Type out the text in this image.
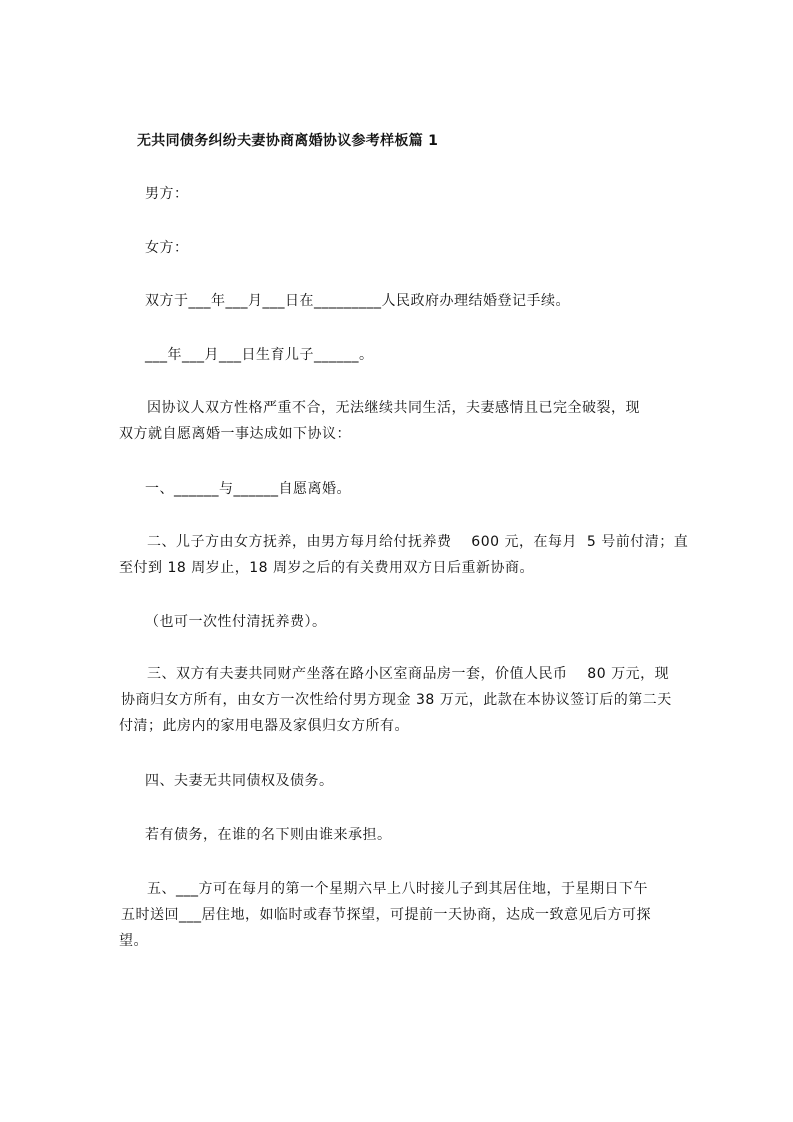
无共同债务纠纷夫妻协商离婚协议参考样板篇 1
男方：
女方：
双方于___年___月___日在_________人民政府办理结婚登记手续。
___年___月___日生育儿子______。
因协议人双方性格严重不合，无法继续共同生活，夫妻感情且已完全破裂，现
双方就自愿离婚一事达成如下协议：
一、______与______自愿离婚。
二、儿子方由女方抚养，由男方每月给付抚养费    600 元，在每月  5 号前付清；直
至付到 18 周岁止，18 周岁之后的有关费用双方日后重新协商。
（也可一次性付清抚养费）。
三、双方有夫妻共同财产坐落在路小区室商品房一套，价值人民币    80 万元，现
协商归女方所有，由女方一次性给付男方现金 38 万元，此款在本协议签订后的第二天
付清；此房内的家用电器及家俱归女方所有。
四、夫妻无共同债权及债务。
若有债务，在谁的名下则由谁来承担。
五、___方可在每月的第一个星期六早上八时接儿子到其居住地，于星期日下午
五时送回___居住地，如临时或春节探望，可提前一天协商，达成一致意见后方可探
望。
